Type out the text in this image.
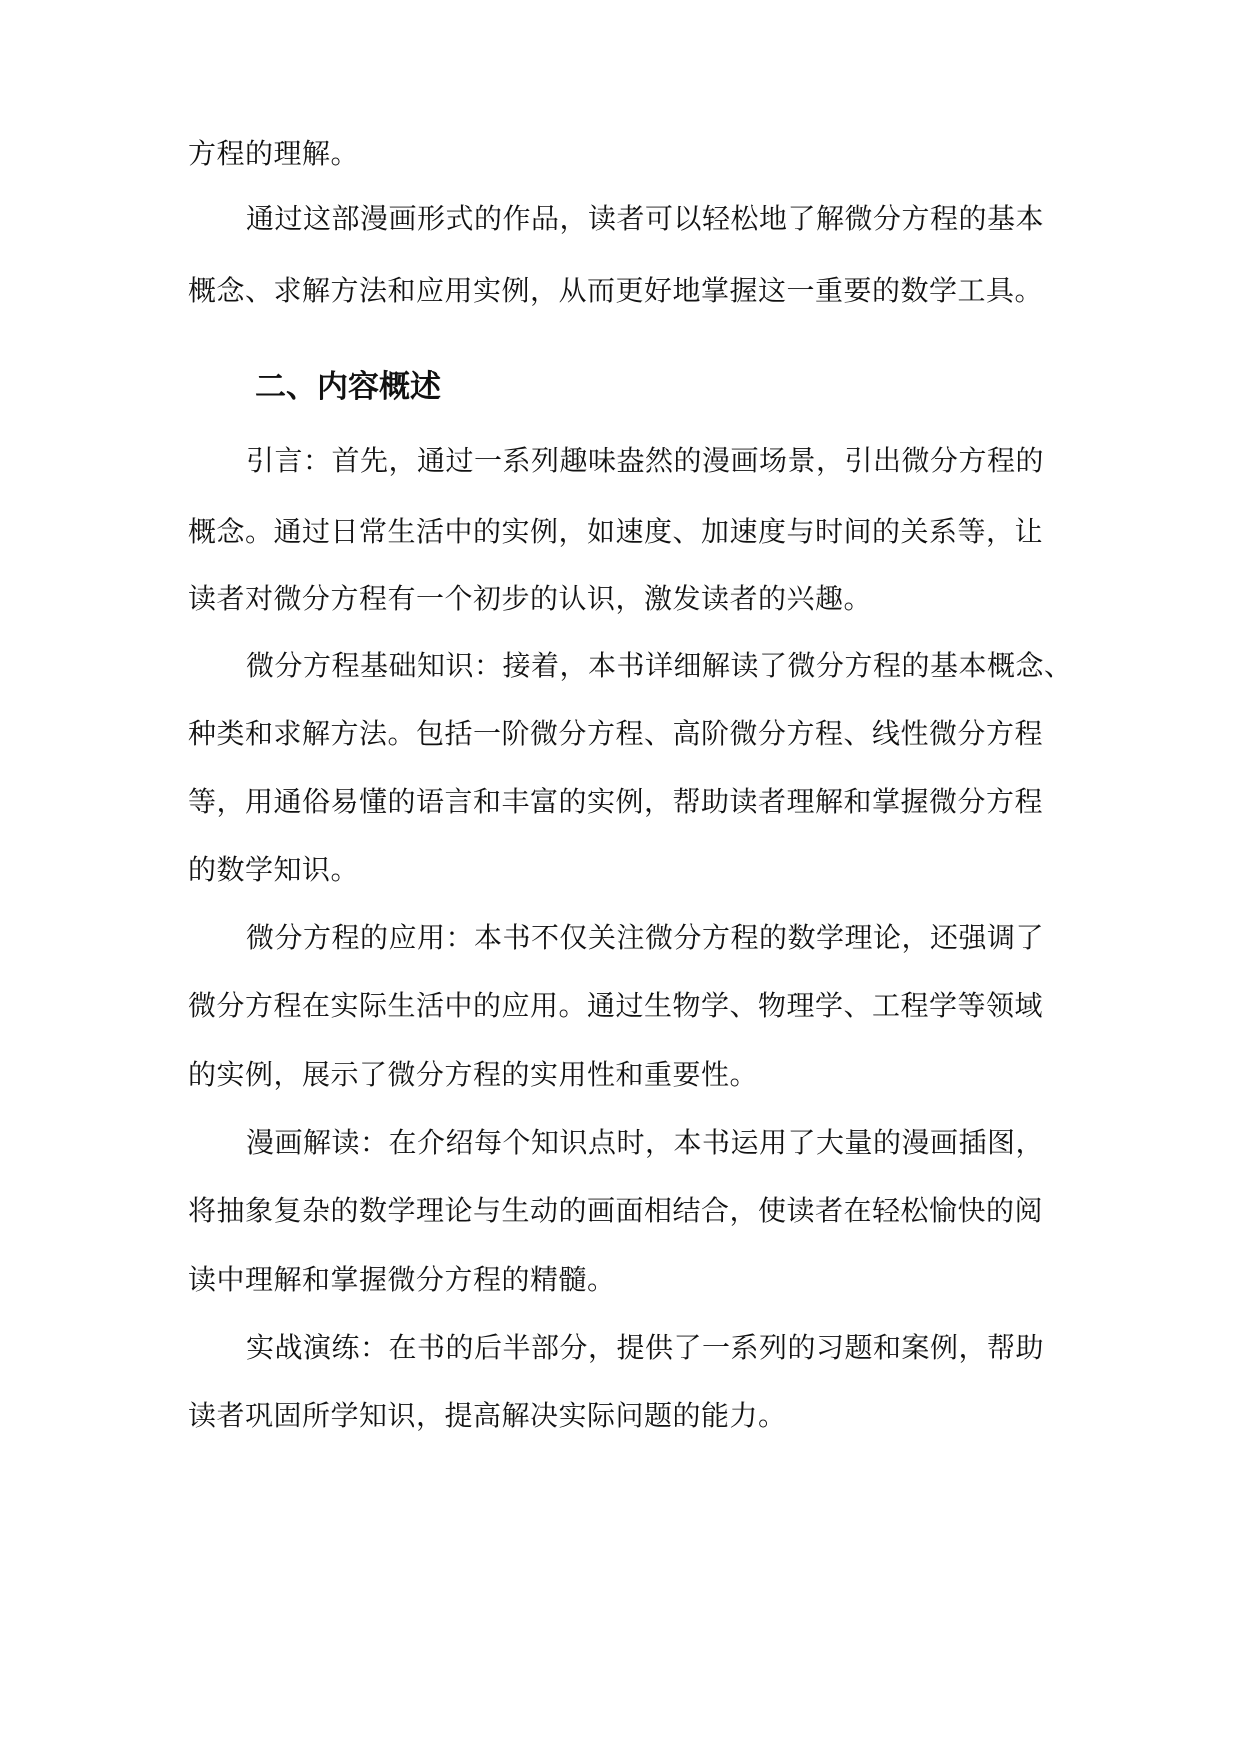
方程的理解。
通过这部漫画形式的作品，读者可以轻松地了解微分方程的基本
概念、求解方法和应用实例，从而更好地掌握这一重要的数学工具。
二、内容概述
引言：首先，通过一系列趣味盎然的漫画场景，引出微分方程的
概念。通过日常生活中的实例，如速度、加速度与时间的关系等，让
读者对微分方程有一个初步的认识，激发读者的兴趣。
微分方程基础知识：接着，本书详细解读了微分方程的基本概念、
种类和求解方法。包括一阶微分方程、高阶微分方程、线性微分方程
等，用通俗易懂的语言和丰富的实例，帮助读者理解和掌握微分方程
的数学知识。
微分方程的应用：本书不仅关注微分方程的数学理论，还强调了
微分方程在实际生活中的应用。通过生物学、物理学、工程学等领域
的实例，展示了微分方程的实用性和重要性。
漫画解读：在介绍每个知识点时，本书运用了大量的漫画插图，
将抽象复杂的数学理论与生动的画面相结合，使读者在轻松愉快的阅
读中理解和掌握微分方程的精髓。
实战演练：在书的后半部分，提供了一系列的习题和案例，帮助
读者巩固所学知识，提高解决实际问题的能力。
